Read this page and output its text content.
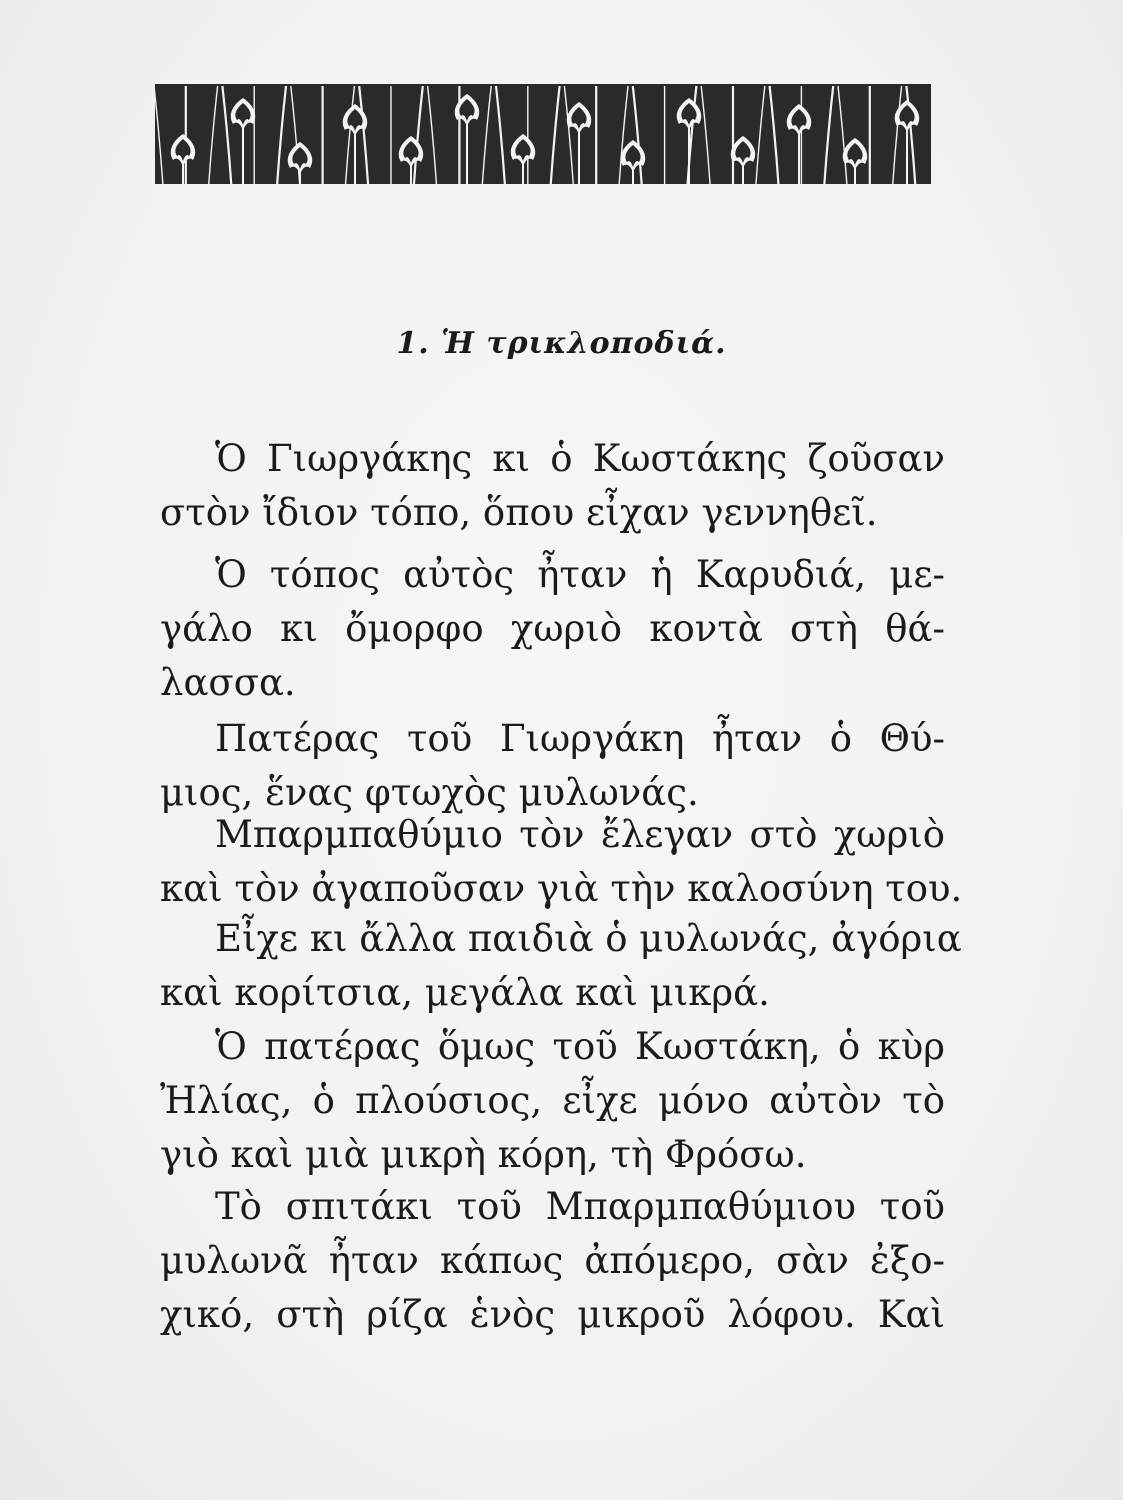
1. Ἡ τρικλοποδιά.
Ὁ Γιωργάκης κι ὁ Κωστάκης ζοῦσαν
στὸν ἴδιον τόπο, ὅπου εἶχαν γεννηθεῖ.
Ὁ τόπος αὐτὸς ἦταν ἡ Καρυδιά, με-
γάλο κι ὄμορφο χωριὸ κοντὰ στὴ θά-
λασσα.
Πατέρας τοῦ Γιωργάκη ἦταν ὁ Θύ-
μιος, ἕνας φτωχὸς μυλωνάς.
Μπαρμπαθύμιο τὸν ἔλεγαν στὸ χωριὸ
καὶ τὸν ἀγαποῦσαν γιὰ τὴν καλοσύνη του.
Εἶχε κι ἄλλα παιδιὰ ὁ μυλωνάς, ἀγόρια
καὶ κορίτσια, μεγάλα καὶ μικρά.
Ὁ πατέρας ὅμως τοῦ Κωστάκη, ὁ κὺρ
Ἠλίας, ὁ πλούσιος, εἶχε μόνο αὐτὸν τὸ
γιὸ καὶ μιὰ μικρὴ κόρη, τὴ Φρόσω.
Τὸ σπιτάκι τοῦ Μπαρμπαθύμιου τοῦ
μυλωνᾶ ἦταν κάπως ἀπόμερο, σὰν ἐξο-
χικό, στὴ ρίζα ἑνὸς μικροῦ λόφου. Καὶ
